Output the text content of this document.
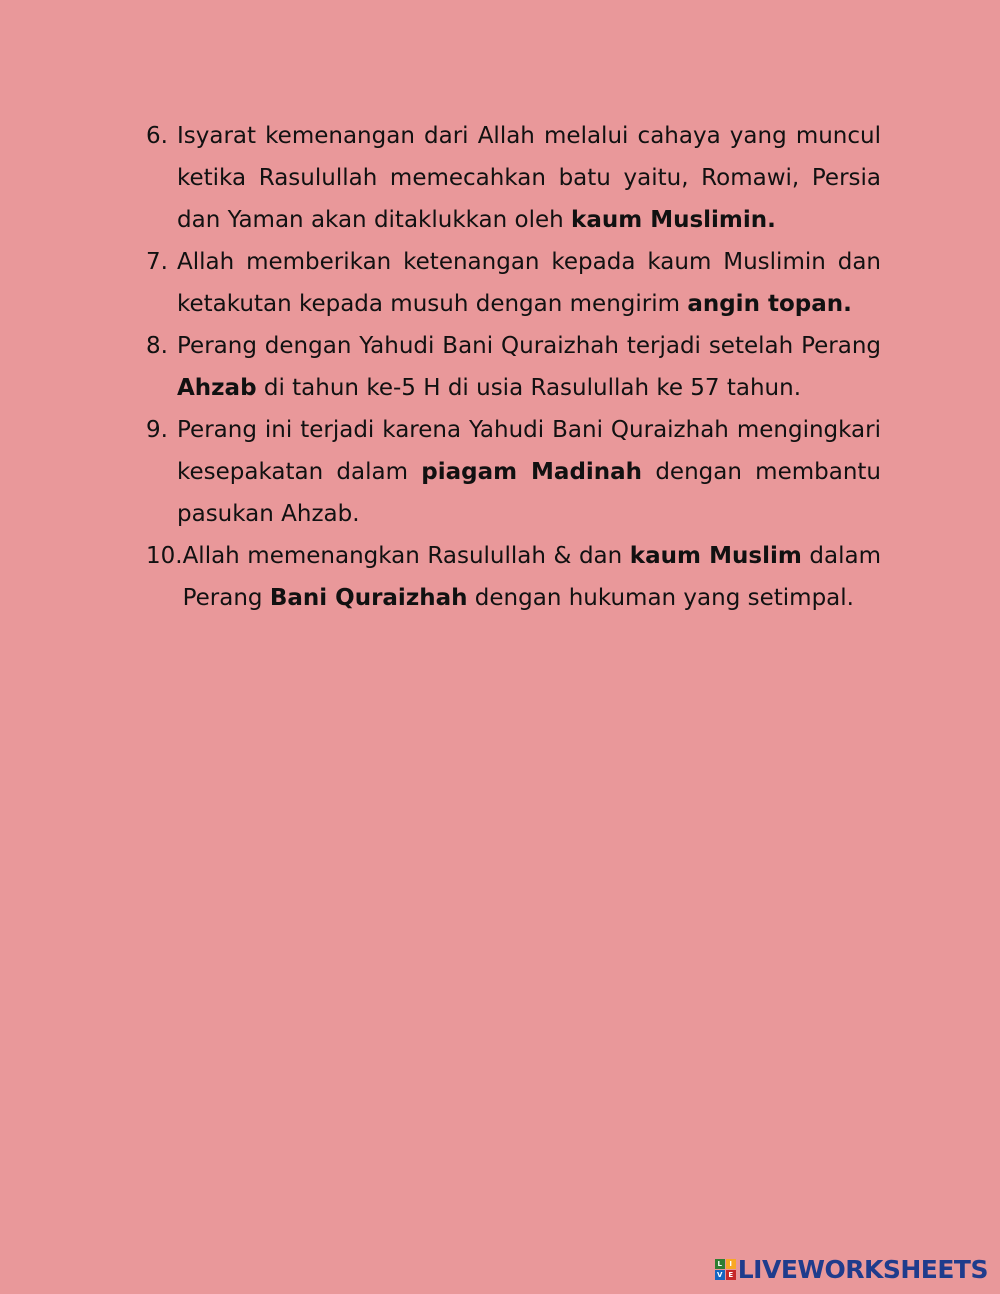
6. Isyarat kemenangan dari Allah melalui cahaya yang muncul ketika Rasulullah memecahkan batu yaitu, Romawi, Persia dan Yaman akan ditaklukkan oleh kaum Muslimin.
7. Allah memberikan ketenangan kepada kaum Muslimin dan ketakutan kepada musuh dengan mengirim angin topan.
8. Perang dengan Yahudi Bani Quraizhah terjadi setelah Perang Ahzab di tahun ke-5 H di usia Rasulullah ke 57 tahun.
9. Perang ini terjadi karena Yahudi Bani Quraizhah mengingkari kesepakatan dalam piagam Madinah dengan membantu pasukan Ahzab.
10. Allah memenangkan Rasulullah & dan kaum Muslim dalam Perang Bani Quraizhah dengan hukuman yang setimpal.
L	I
V E LIVEWORKSHEETS
